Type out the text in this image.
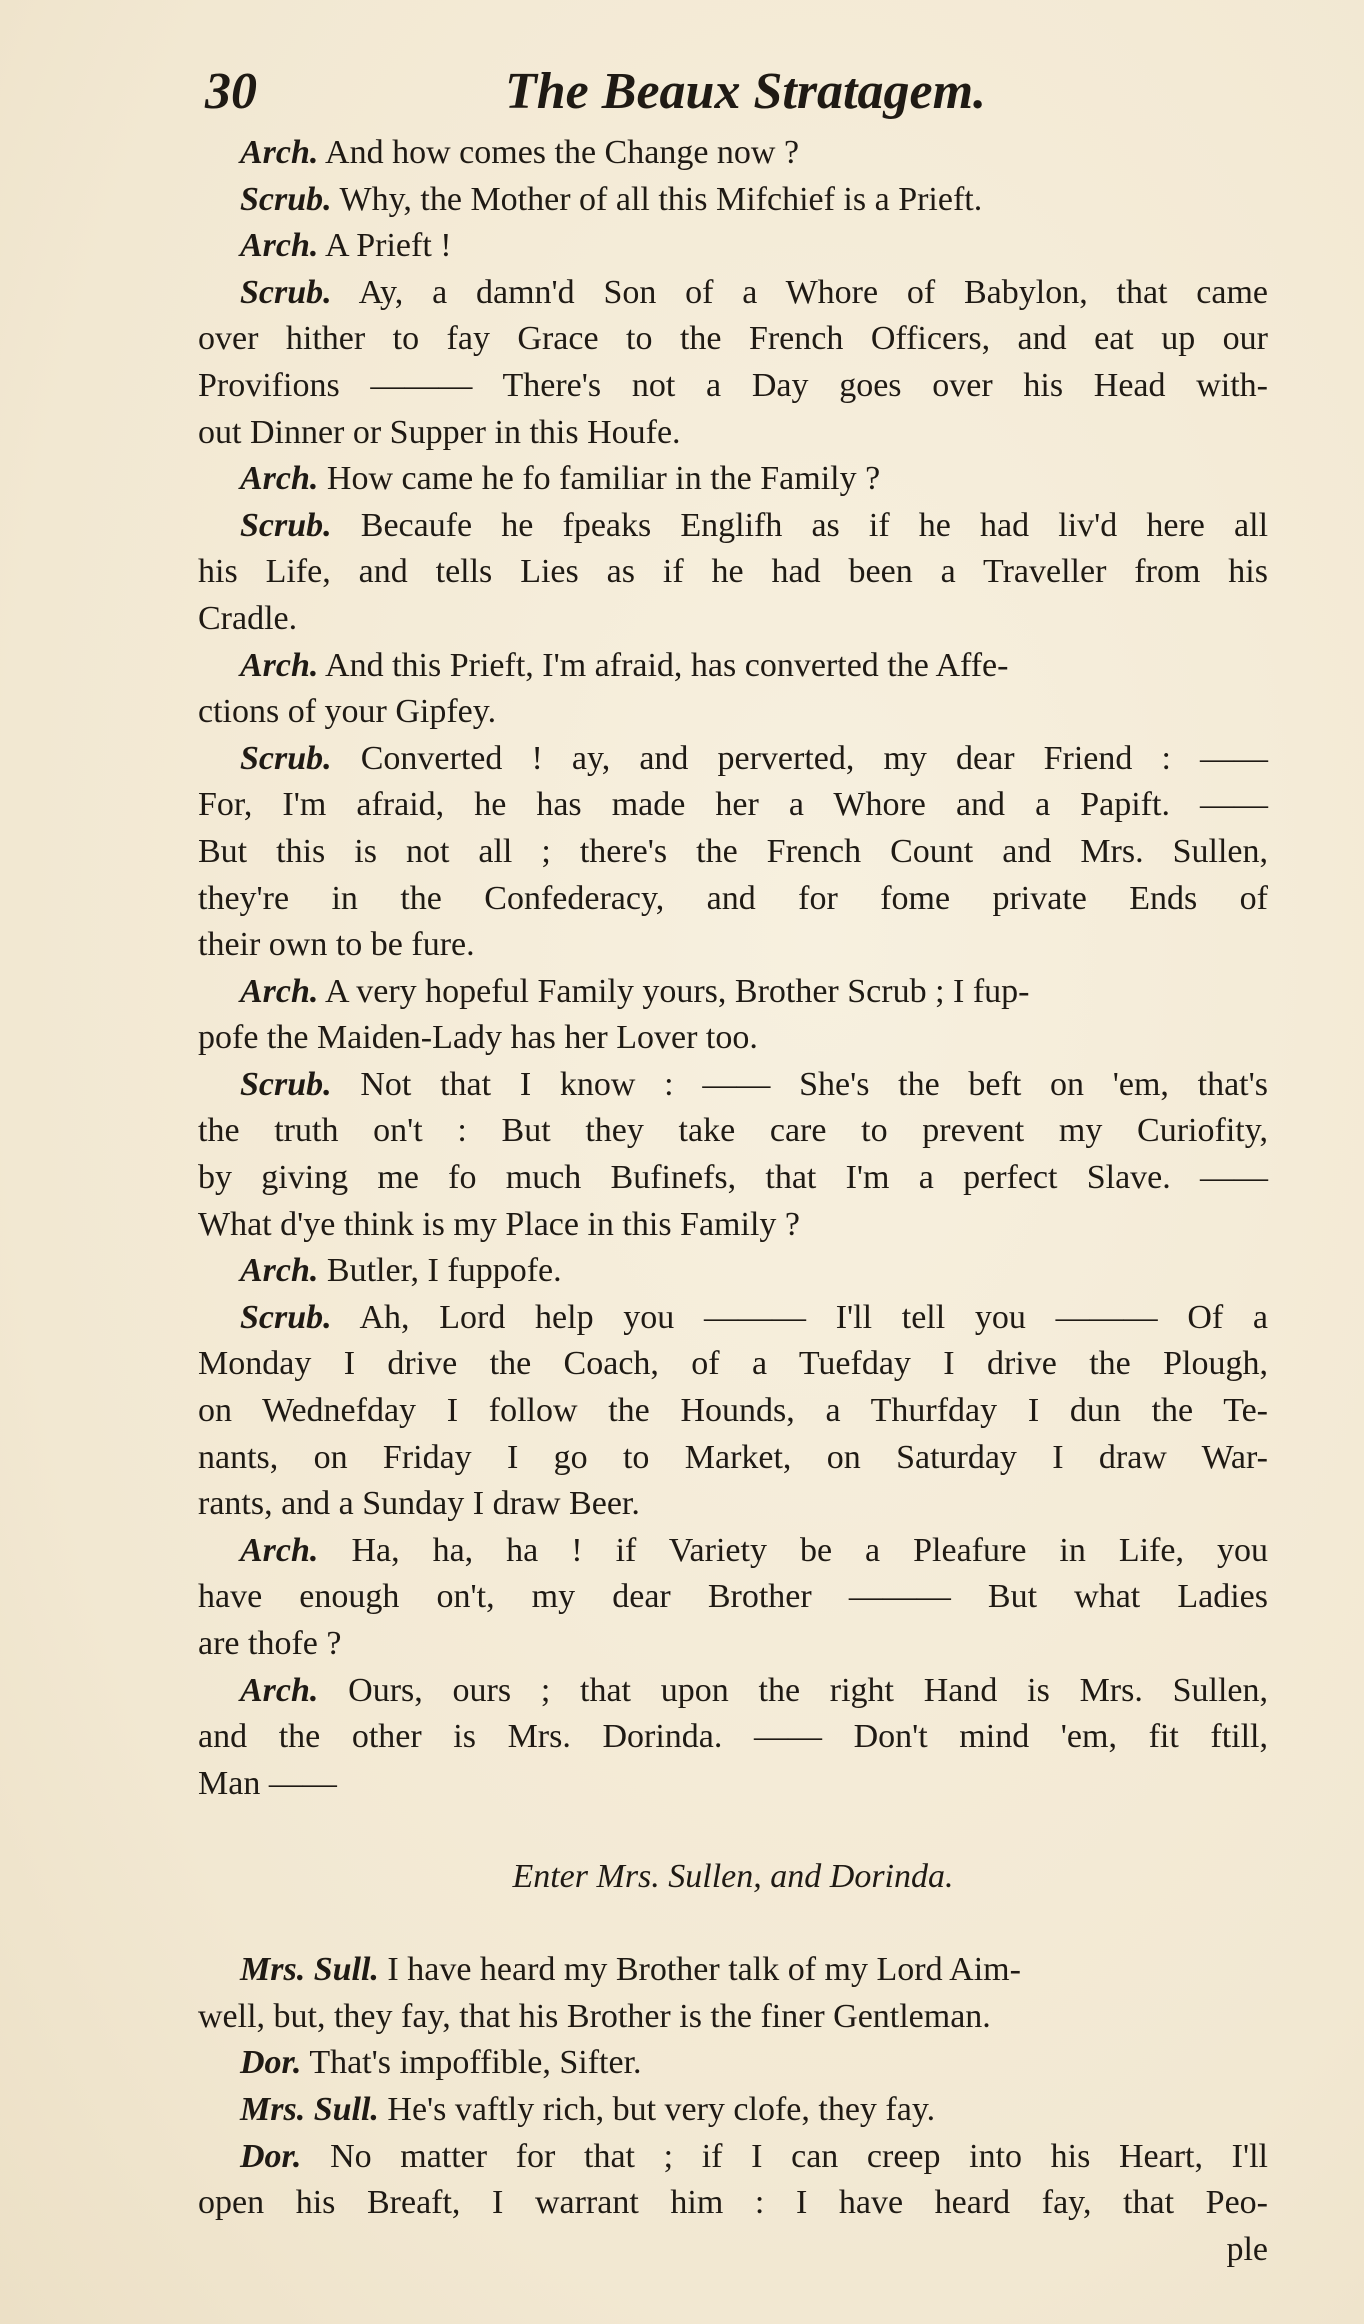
30	The Beaux Stratagem.
Arch. And how comes the Change now ?
Scrub. Why, the Mother of all this Mifchief is a Prieft.
Arch. A Prieft !
Scrub. Ay, a damn'd Son of a Whore of Babylon, that came
over hither to fay Grace to the French Officers, and eat up our
Provifions ——— There's not a Day goes over his Head with-
out Dinner or Supper in this Houfe.
Arch. How came he fo familiar in the Family ?
Scrub. Becaufe he fpeaks Englifh as if he had liv'd here all
his Life, and tells Lies as if he had been a Traveller from his
Cradle.
Arch. And this Prieft, I'm afraid, has converted the Affe-
ctions of your Gipfey.
Scrub. Converted ! ay, and perverted, my dear Friend : ——
For, I'm afraid, he has made her a Whore and a Papift. ——
But this is not all ; there's the French Count and Mrs. Sullen,
they're in the Confederacy, and for fome private Ends of
their own to be fure.
Arch. A very hopeful Family yours, Brother Scrub ; I fup-
pofe the Maiden-Lady has her Lover too.
Scrub. Not that I know : —— She's the beft on 'em, that's
the truth on't : But they take care to prevent my Curiofity,
by giving me fo much Bufinefs, that I'm a perfect Slave. ——
What d'ye think is my Place in this Family ?
Arch. Butler, I fuppofe.
Scrub. Ah, Lord help you ——— I'll tell you ——— Of a
Monday I drive the Coach, of a Tuefday I drive the Plough,
on Wednefday I follow the Hounds, a Thurfday I dun the Te-
nants, on Friday I go to Market, on Saturday I draw War-
rants, and a Sunday I draw Beer.
Arch. Ha, ha, ha ! if Variety be a Pleafure in Life, you
have enough on't, my dear Brother ——— But what Ladies
are thofe ?
Arch. Ours, ours ; that upon the right Hand is Mrs. Sullen,
and the other is Mrs. Dorinda. —— Don't mind 'em, fit ftill,
Man ——
Enter Mrs. Sullen, and Dorinda.
Mrs. Sull. I have heard my Brother talk of my Lord Aim-
well, but, they fay, that his Brother is the finer Gentleman.
Dor. That's impoffible, Sifter.
Mrs. Sull. He's vaftly rich, but very clofe, they fay.
Dor. No matter for that ; if I can creep into his Heart, I'll
open his Breaft, I warrant him : I have heard fay, that Peo-
ple
